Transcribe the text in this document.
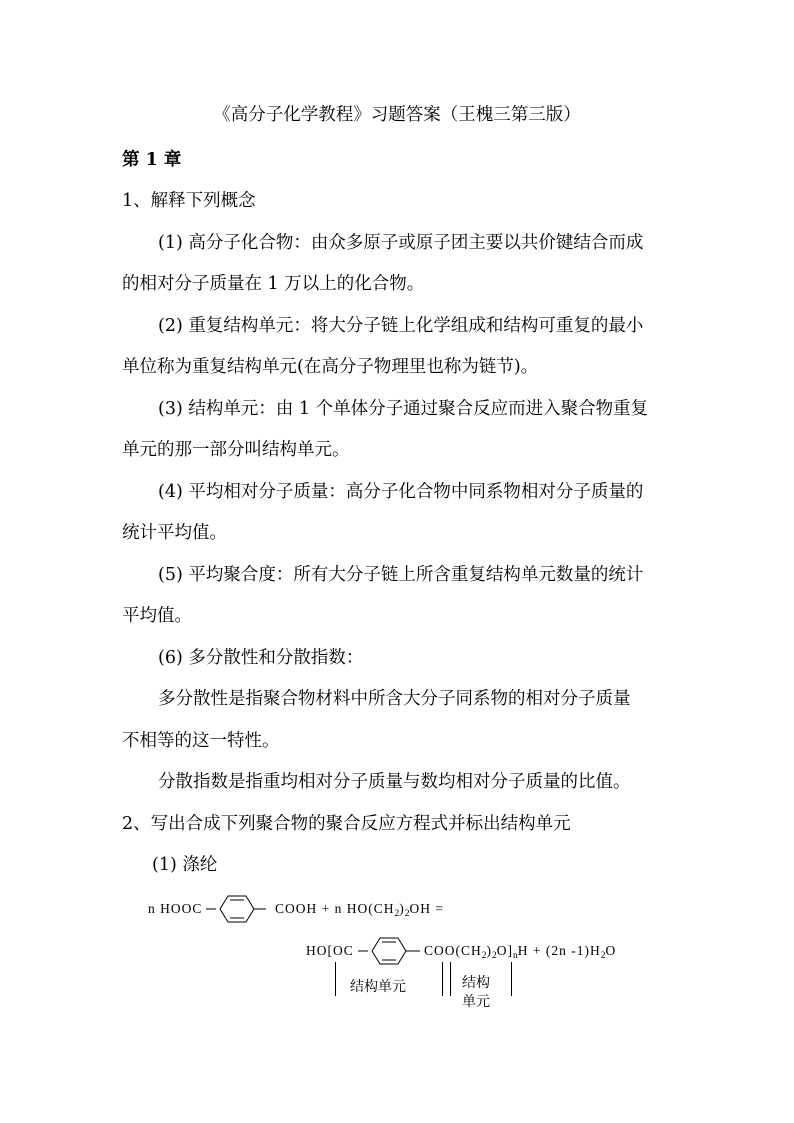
《高分子化学教程》习题答案（王槐三第三版）
第 1 章
1、解释下列概念
(1) 高分子化合物：由众多原子或原子团主要以共价键结合而成
的相对分子质量在 1 万以上的化合物。
(2) 重复结构单元：将大分子链上化学组成和结构可重复的最小
单位称为重复结构单元(在高分子物理里也称为链节)。
(3) 结构单元：由 1 个单体分子通过聚合反应而进入聚合物重复
单元的那一部分叫结构单元。
(4) 平均相对分子质量：高分子化合物中同系物相对分子质量的
统计平均值。
(5) 平均聚合度：所有大分子链上所含重复结构单元数量的统计
平均值。
(6) 多分散性和分散指数：
多分散性是指聚合物材料中所含大分子同系物的相对分子质量
不相等的这一特性。
分散指数是指重均相对分子质量与数均相对分子质量的比值。
2、写出合成下列聚合物的聚合反应方程式并标出结构单元
(1) 涤纶
n HOOC	COOH + n $HO(CH_2)_2OH$ =
HO[OC	$COO(CH_2)_2O]_nH + (2n$ $-1)H_2O$
结构单元	结构
单元
